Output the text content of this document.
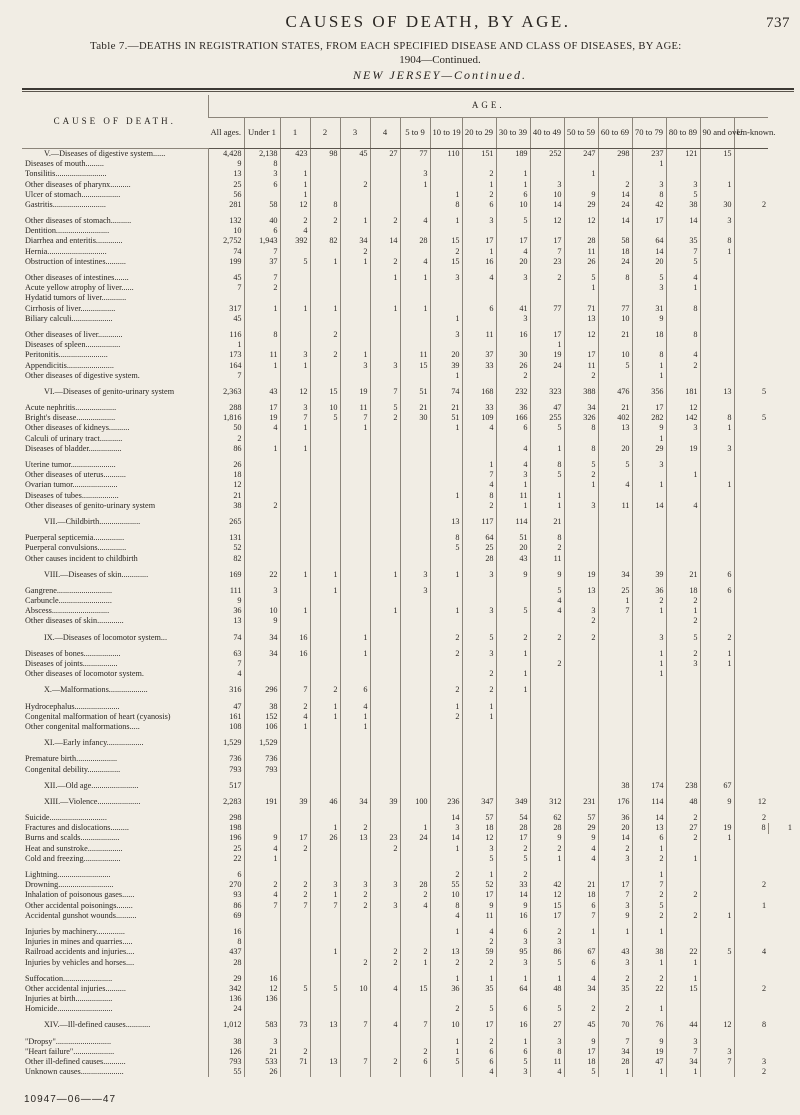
CAUSES OF DEATH, BY AGE.	737
Table 7.—DEATHS IN REGISTRATION STATES, FROM EACH SPECIFIED DISEASE AND CLASS OF DISEASES, BY AGE:
1904—Continued.
NEW JERSEY—Continued.
CAUSE OF DEATH.	AGE.																	
	All ages.	Under 1	1	2	3	4	5 to 9	10 to 19	20 to 29	30 to 39	40 to 49	50 to 59	60 to 69	70 to 79	80 to 89	90 and over.	Un-known.	
V.—Diseases of digestive system......	4,428	2,138	423	98	45	27	77	110	151	189	252	247	298	237	121	15		
Diseases of mouth.........	9	8												1				
Tonsilitis.........................	13	3	1				3		2	1		1						
Other diseases of pharynx..........	25	6	1		2		1		1	1	3		2	3	3	1		
Ulcer of stomach...................	56		1					1	2	6	10	9	14	8	5			
Gastritis..........................	281	58	12	8				8	6	10	14	29	24	42	38	30	2	

Other diseases of stomach..........	132	40	2	2	1	2	4	1	3	5	12	12	14	17	14	3		
Dentition..........................	10	6	4															
Diarrhea and enteritis.............	2,752	1,943	392	82	34	14	28	15	17	17	17	28	58	64	35	8		
Hernia.............................	74	7			2			2	1	4	7	11	18	14	7	1		
Obstruction of intestines..........	199	37	5	1	1	2	4	15	16	20	23	26	24	20	5			

Other diseases of intestines.......	45	7				1	1	3	4	3	2	5	8	5	4			
Acute yellow atrophy of liver......	7	2										1		3	1			
Hydatid tumors of liver............																		
Cirrhosis of liver.................	317	1	1	1		1	1		6	41	77	71	77	31	8			
Biliary calculi....................	45							1		3		13	10	9				

Other diseases of liver............	116	8		2				3	11	16	17	12	21	18	8			
Diseases of spleen.................	1										1							
Peritonitis........................	173	11	3	2	1		11	20	37	30	19	17	10	8	4			
Appendicitis.......................	164	1	1		3	3	15	39	33	26	24	11	5	1	2			
Other diseases of digestive system.	7							1		2		2		1				

VI.—Diseases of genito-urinary system	2,363	43	12	15	19	7	51	74	168	232	323	388	476	356	181	13	5	

Acute nephritis....................	288	17	3	10	11	5	21	21	33	36	47	34	21	17	12			
Bright's disease...................	1,816	19	7	5	7	2	30	51	109	166	255	326	402	282	142	8	5	
Other diseases of kidneys..........	50	4	1		1			1	4	6	5	8	13	9	3	1		
Calculi of urinary tract...........	2													1				
Diseases of bladder................	86	1	1							4	1	8	20	29	19	3		

Uterine tumor......................	26								1	4	8	5	5	3				
Other diseases of uterus...........	18								7	3	5	2			1			
Ovarian tumor......................	12								4	1		1	4	1		1		
Diseases of tubes..................	21							1	8	11	1							
Other diseases of genito-urinary system	38	2							2	1	1	3	11	14	4			

VII.—Childbirth....................	265							13	117	114	21							

Puerperal septicemia...............	131							8	64	51	8							
Puerperal convulsions..............	52							5	25	20	2							
Other causes incident to childbirth	82								28	43	11							

VIII.—Diseases of skin.............	169	22	1	1		1	3	1	3	9	9	19	34	39	21	6		

Gangrene...........................	111	3		1			3				5	13	25	36	18	6		
Carbuncle..........................	9										4		1	2	2			
Abscess............................	36	10	1			1		1	3	5	4	3	7	1	1			
Other diseases of skin.............	13	9										2			2			

IX.—Diseases of locomotor system...	74	34	16		1			2	5	2	2	2		3	5	2		

Diseases of bones..................	63	34	16		1			2	3	1				1	2	1		
Diseases of joints.................	7										2			1	3	1		
Other diseases of locomotor system.	4								2	1				1				

X.—Malformations...................	316	296	7	2	6			2	2	1								

Hydrocephalus......................	47	38	2	1	4			1	1									
Congenital malformation of heart (cyanosis)	161	152	4	1	1			2	1									
Other congenital malformations.....	108	106	1		1													

XI.—Early infancy..................	1,529	1,529																

Premature birth....................	736	736																
Congenital debility................	793	793																

XII.—Old age.......................	517												38	174	238	67		

XIII.—Violence.....................	2,283	191	39	46	34	39	100	236	347	349	312	231	176	114	48	9	12	

Suicide............................	298							14	57	54	62	57	36	14	2		2	
Fractures and dislocations.........	198			1	2		1	3	18	28	28	29	20	13	27	19	8	1
Burns and scalds...................	196	9	17	26	13	23	24	14	12	17	9	9	14	6	2	1		
Heat and sunstroke.................	25	4	2			2		1	3	2	2	4	2	1				
Cold and freezing..................	22	1							5	5	1	4	3	2	1			

Lightning..........................	6							2	1	2				1				
Drowning...........................	270	2	2	3	3	3	28	55	52	33	42	21	17	7			2	
Inhalation of poisonous gases......	93	4	2	1	2		2	10	17	14	12	18	7	2	2			
Other accidental poisonings........	86	7	7	7	2	3	4	8	9	9	15	6	3	5			1	
Accidental gunshot wounds..........	69							4	11	16	17	7	9	2	2	1		

Injuries by machinery..............	16							1	4	6	2	1	1	1				
Injuries in mines and quarries.....	8								2	3	3							
Railroad accidents and injuries....	437			1		2	2	13	59	95	86	67	43	38	22	5	4	
Injuries by vehicles and horses....	28				2	2	1	2	2	3	5	6	3	1	1			

Suffocation........................	29	16						1	1	1	1	4	2	2	1			
Other accidental injuries..........	342	12	5	5	10	4	15	36	35	64	48	34	35	22	15		2	
Injuries at birth..................	136	136																
Homicide...........................	24							2	5	6	5	2	2	1				

XIV.—Ill-defined causes............	1,012	583	73	13	7	4	7	10	17	16	27	45	70	76	44	12	8	

"Dropsy"...........................	38	3						1	2	1	3	9	7	9	3			
"Heart failure"....................	126	21	2				2	1	6	6	8	17	34	19	7	3		
Other ill-defined causes...........	793	533	71	13	7	2	6	5	6	5	11	18	28	47	34	7	3	
Unknown causes.....................	55	26							4	3	4	5	1	1	1		2	
10947—06——47
